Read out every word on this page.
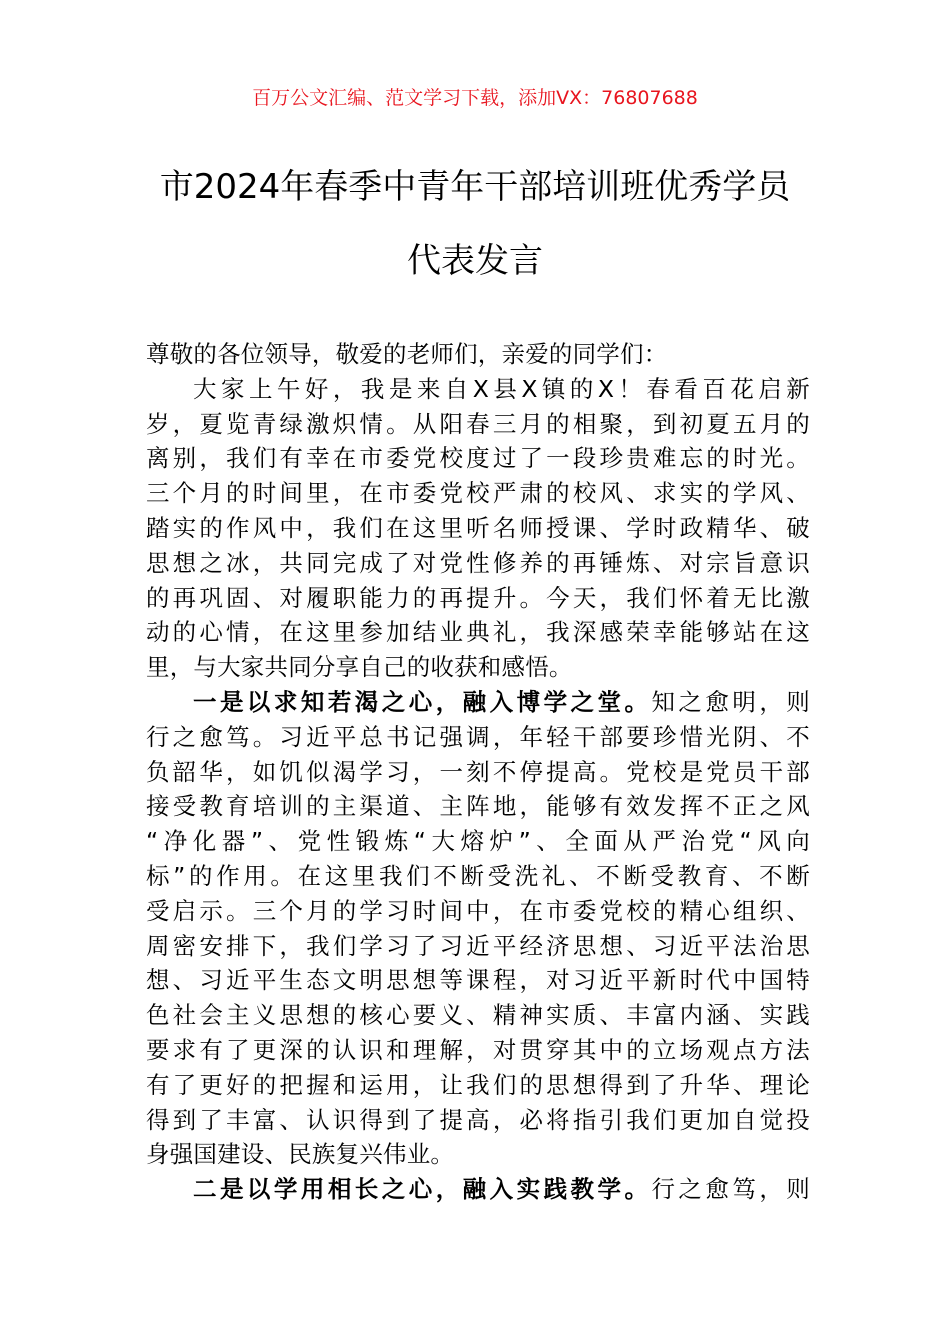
百万公文汇编、范文学习下载，添加VX：76807688
市2024年春季中青年干部培训班优秀学员
代表发言
尊敬的各位领导，敬爱的老师们，亲爱的同学们：
大家上午好，我是来自X县X镇的X！春看百花启新
岁，夏览青绿激炽情。从阳春三月的相聚，到初夏五月的
离别，我们有幸在市委党校度过了一段珍贵难忘的时光。
三个月的时间里，在市委党校严肃的校风、求实的学风、
踏实的作风中，我们在这里听名师授课、学时政精华、破
思想之冰，共同完成了对党性修养的再锤炼、对宗旨意识
的再巩固、对履职能力的再提升。今天，我们怀着无比激
动的心情，在这里参加结业典礼，我深感荣幸能够站在这
里，与大家共同分享自己的收获和感悟。
一是以求知若渴之心，融入博学之堂。知之愈明，则
行之愈笃。习近平总书记强调，年轻干部要珍惜光阴、不
负韶华，如饥似渴学习，一刻不停提高。党校是党员干部
接受教育培训的主渠道、主阵地，能够有效发挥不正之风
“净化器”、党性锻炼“大熔炉”、全面从严治党“风向
标”的作用。在这里我们不断受洗礼、不断受教育、不断
受启示。三个月的学习时间中，在市委党校的精心组织、
周密安排下，我们学习了习近平经济思想、习近平法治思
想、习近平生态文明思想等课程，对习近平新时代中国特
色社会主义思想的核心要义、精神实质、丰富内涵、实践
要求有了更深的认识和理解，对贯穿其中的立场观点方法
有了更好的把握和运用，让我们的思想得到了升华、理论
得到了丰富、认识得到了提高，必将指引我们更加自觉投
身强国建设、民族复兴伟业。
二是以学用相长之心，融入实践教学。行之愈笃，则
